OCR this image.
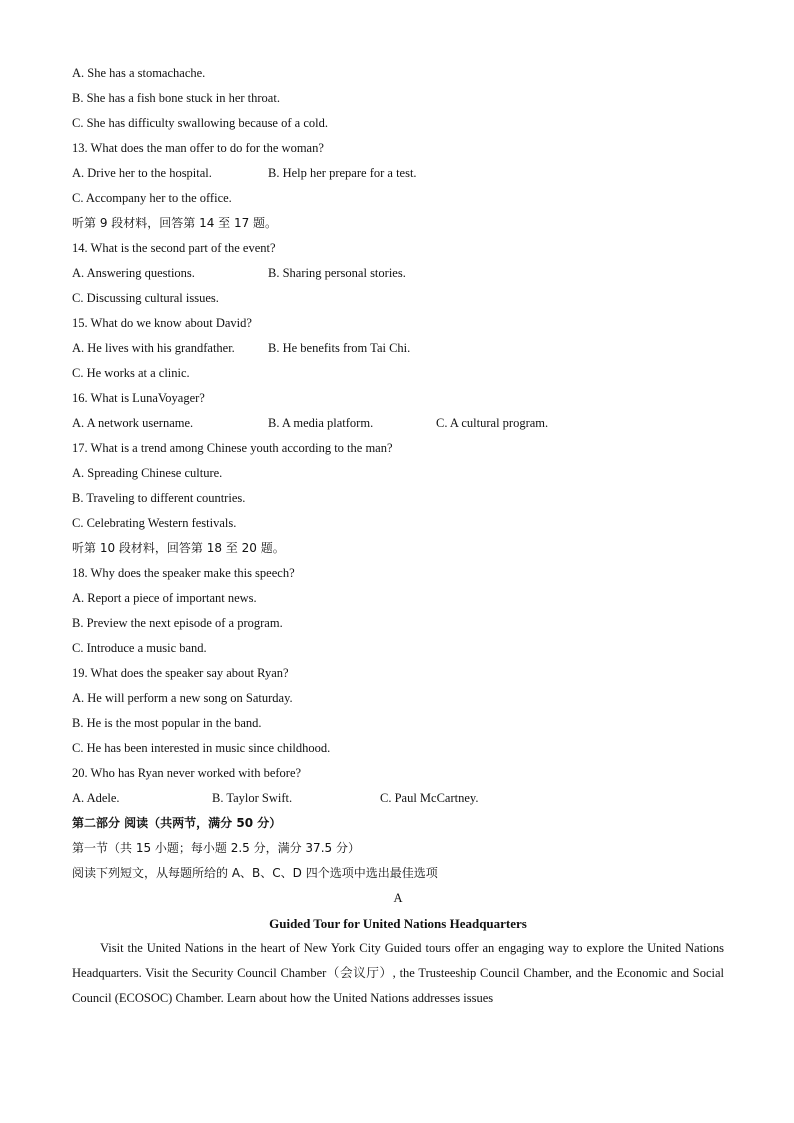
A. She has a stomachache.
B. She has a fish bone stuck in her throat.
C. She has difficulty swallowing because of a cold.
13. What does the man offer to do for the woman?
A. Drive her to the hospital.	B. Help her prepare for a test.
C. Accompany her to the office.
听第 9 段材料，回答第 14 至 17 题。
14. What is the second part of the event?
A. Answering questions.	B. Sharing personal stories.
C. Discussing cultural issues.
15. What do we know about David?
A. He lives with his grandfather.	B. He benefits from Tai Chi.
C. He works at a clinic.
16. What is LunaVoyager?
A. A network username.	B. A media platform.	C. A cultural program.
17. What is a trend among Chinese youth according to the man?
A. Spreading Chinese culture.
B. Traveling to different countries.
C. Celebrating Western festivals.
听第 10 段材料，回答第 18 至 20 题。
18. Why does the speaker make this speech?
A. Report a piece of important news.
B. Preview the next episode of a program.
C. Introduce a music band.
19. What does the speaker say about Ryan?
A. He will perform a new song on Saturday.
B. He is the most popular in the band.
C. He has been interested in music since childhood.
20. Who has Ryan never worked with before?
A. Adele.	B. Taylor Swift.	C. Paul McCartney.
第二部分 阅读（共两节，满分 50 分）
第一节（共 15 小题；每小题 2.5 分，满分 37.5 分）
阅读下列短文，从每题所给的 A、B、C、D 四个选项中选出最佳选项
A
Guided Tour for United Nations Headquarters
Visit the United Nations in the heart of New York City Guided tours offer an engaging way to explore the United Nations Headquarters. Visit the Security Council Chamber（会议厅）, the Trusteeship Council Chamber, and the Economic and Social Council (ECOSOC) Chamber. Learn about how the United Nations addresses issues
